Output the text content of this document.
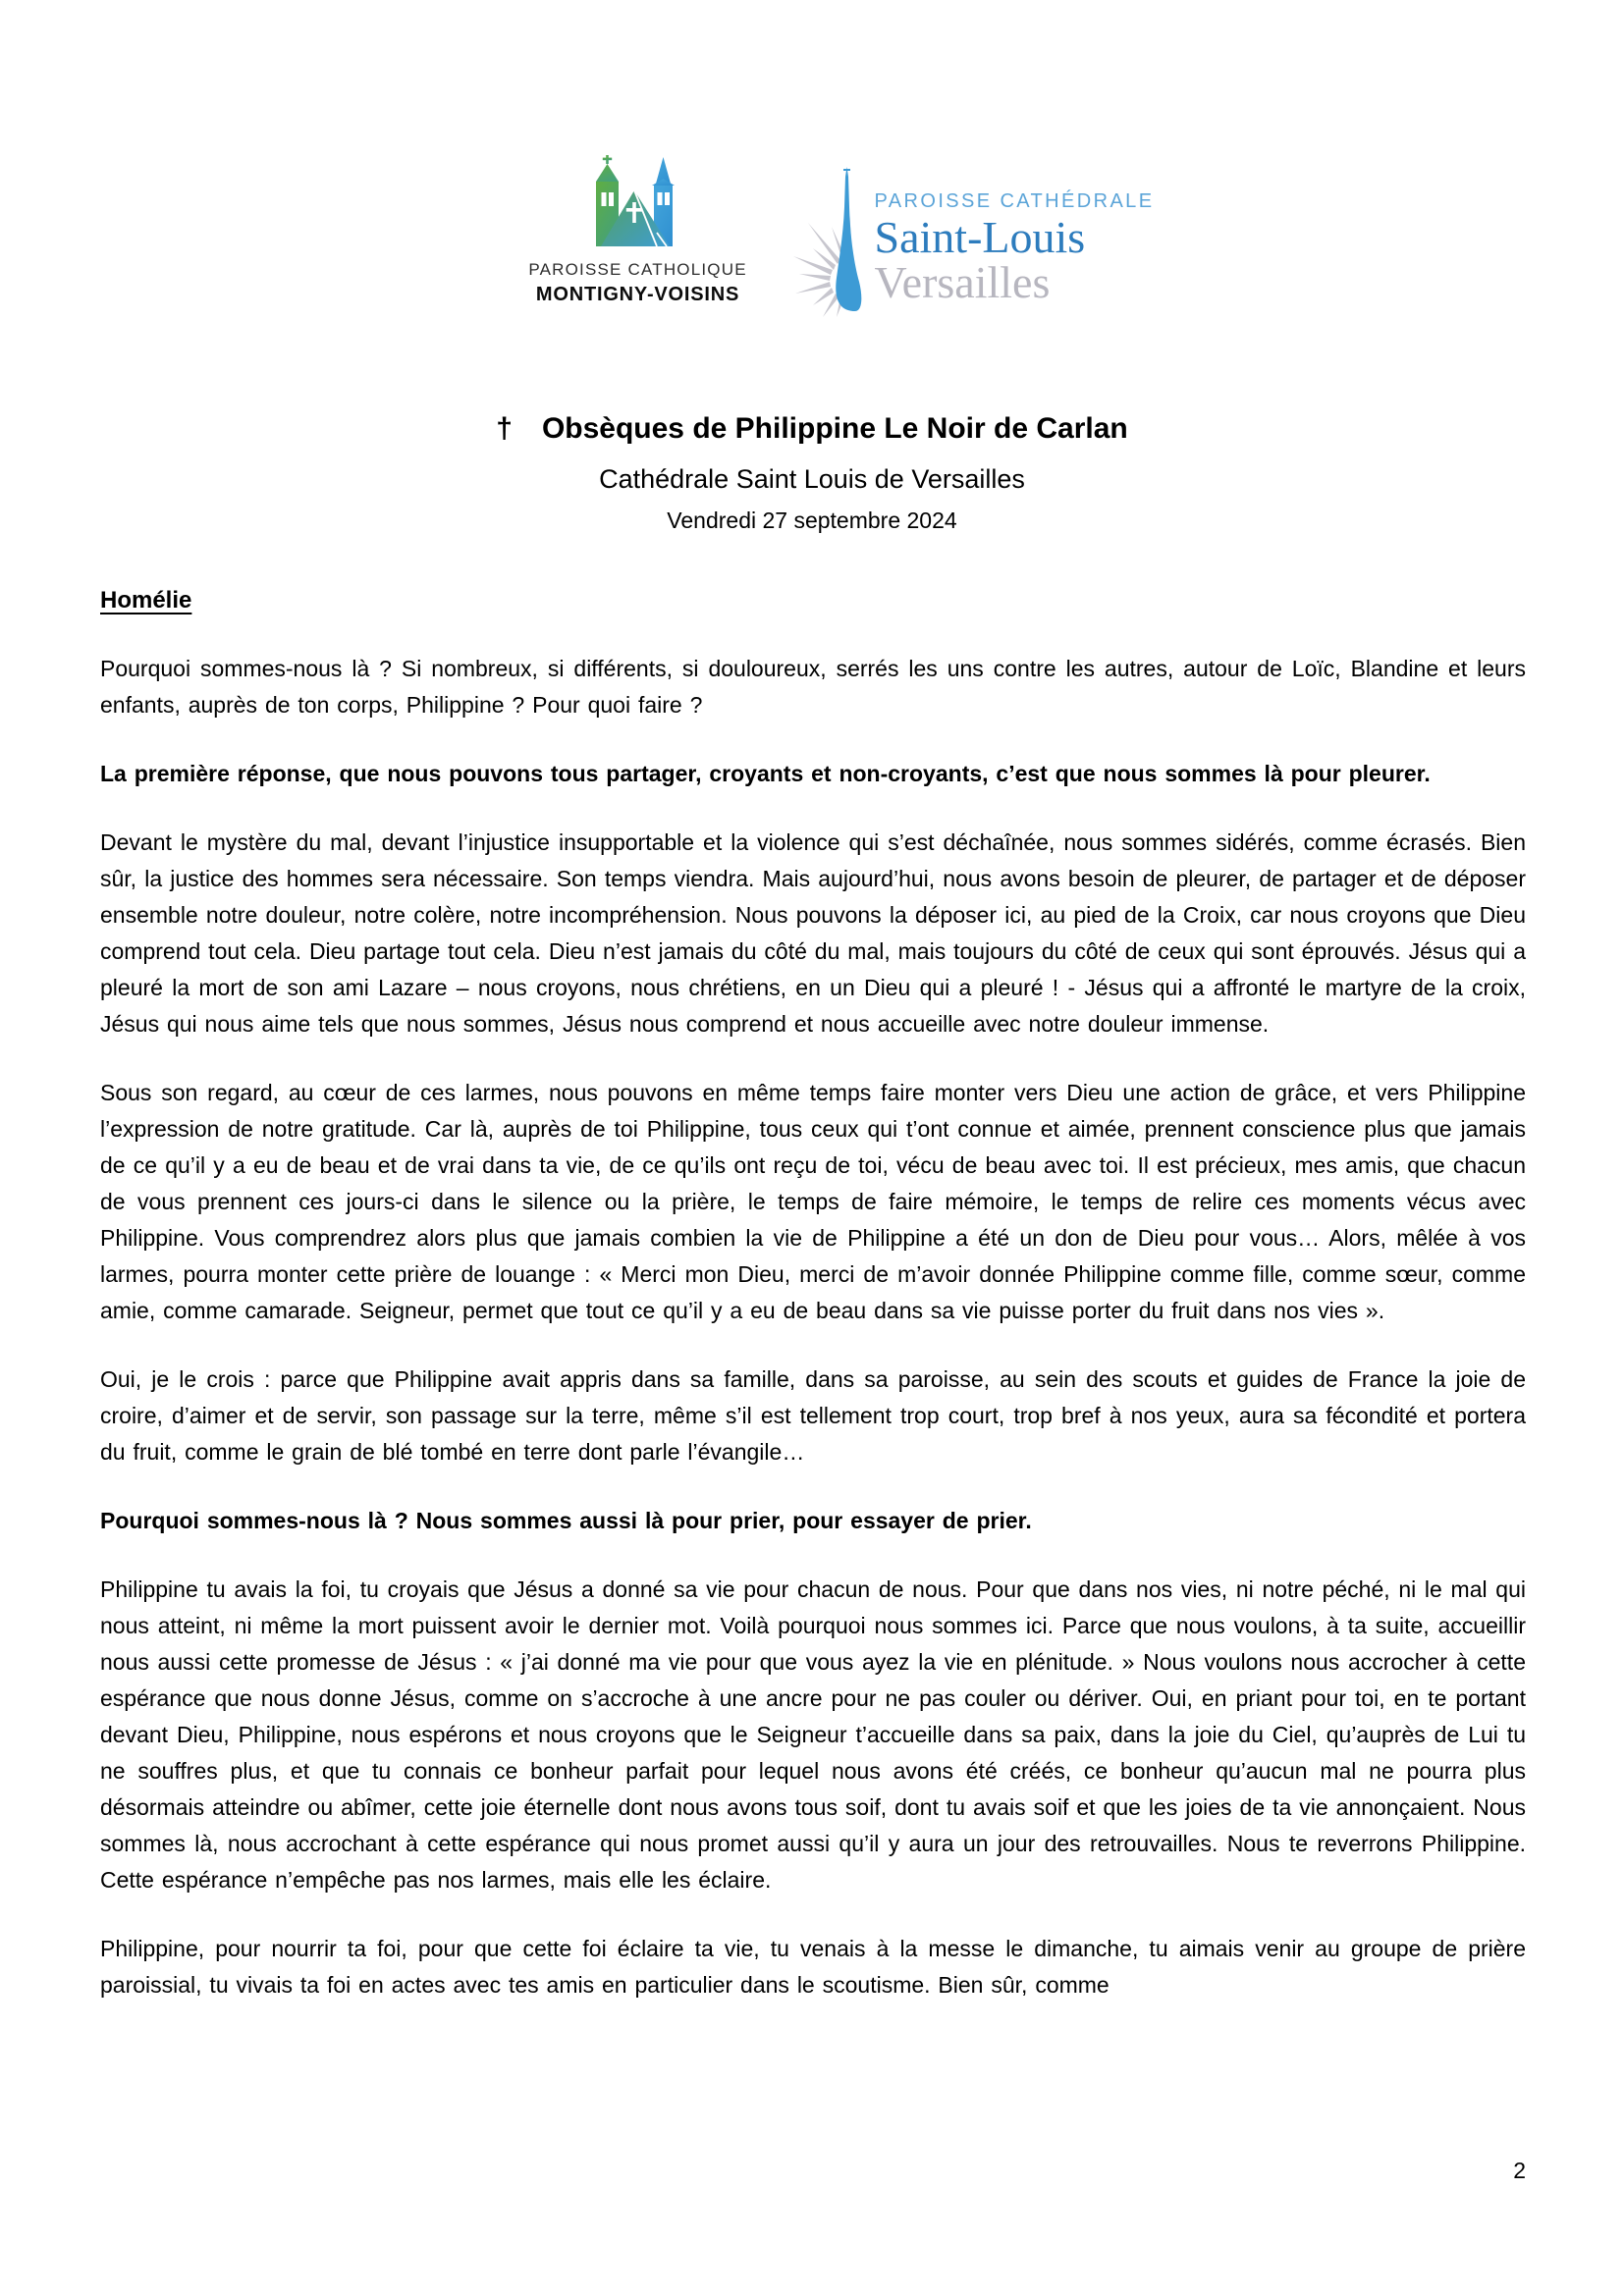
PAROISSE CATHOLIQUE
MONTIGNY-VOISINS
PAROISSE CATHÉDRALE
Saint-Louis
Versailles
† Obsèques de Philippine Le Noir de Carlan
Cathédrale Saint Louis de Versailles
Vendredi 27 septembre 2024
Homélie

Pourquoi sommes-nous là ? Si nombreux, si différents, si douloureux, serrés les uns contre les autres, autour de Loïc, Blandine et leurs enfants, auprès de ton corps, Philippine ? Pour quoi faire ?

La première réponse, que nous pouvons tous partager, croyants et non-croyants, c’est que nous sommes là pour pleurer.

Devant le mystère du mal, devant l’injustice insupportable et la violence qui s’est déchaînée, nous sommes sidérés, comme écrasés. Bien sûr, la justice des hommes sera nécessaire. Son temps viendra. Mais aujourd’hui, nous avons besoin de pleurer, de partager et de déposer ensemble notre douleur, notre colère, notre incompréhension. Nous pouvons la déposer ici, au pied de la Croix, car nous croyons que Dieu comprend tout cela. Dieu partage tout cela. Dieu n’est jamais du côté du mal, mais toujours du côté de ceux qui sont éprouvés. Jésus qui a pleuré la mort de son ami Lazare – nous croyons, nous chrétiens, en un Dieu qui a pleuré ! - Jésus qui a affronté le martyre de la croix, Jésus qui nous aime tels que nous sommes, Jésus nous comprend et nous accueille avec notre douleur immense.

Sous son regard, au cœur de ces larmes, nous pouvons en même temps faire monter vers Dieu une action de grâce, et vers Philippine l’expression de notre gratitude. Car là, auprès de toi Philippine, tous ceux qui t’ont connue et aimée, prennent conscience plus que jamais de ce qu’il y a eu de beau et de vrai dans ta vie, de ce qu’ils ont reçu de toi, vécu de beau avec toi. Il est précieux, mes amis, que chacun de vous prennent ces jours-ci dans le silence ou la prière, le temps de faire mémoire, le temps de relire ces moments vécus avec Philippine. Vous comprendrez alors plus que jamais combien la vie de Philippine a été un don de Dieu pour vous… Alors, mêlée à vos larmes, pourra monter cette prière de louange : « Merci mon Dieu, merci de m’avoir donnée Philippine comme fille, comme sœur, comme amie, comme camarade. Seigneur, permet que tout ce qu’il y a eu de beau dans sa vie puisse porter du fruit dans nos vies ».

Oui, je le crois : parce que Philippine avait appris dans sa famille, dans sa paroisse, au sein des scouts et guides de France la joie de croire, d’aimer et de servir, son passage sur la terre, même s’il est tellement trop court, trop bref à nos yeux, aura sa fécondité et portera du fruit, comme le grain de blé tombé en terre dont parle l’évangile…

Pourquoi sommes-nous là ? Nous sommes aussi là pour prier, pour essayer de prier.

Philippine tu avais la foi, tu croyais que Jésus a donné sa vie pour chacun de nous. Pour que dans nos vies, ni notre péché, ni le mal qui nous atteint, ni même la mort puissent avoir le dernier mot. Voilà pourquoi nous sommes ici. Parce que nous voulons, à ta suite, accueillir nous aussi cette promesse de Jésus : « j’ai donné ma vie pour que vous ayez la vie en plénitude. » Nous voulons nous accrocher à cette espérance que nous donne Jésus, comme on s’accroche à une ancre pour ne pas couler ou dériver. Oui, en priant pour toi, en te portant devant Dieu, Philippine, nous espérons et nous croyons que le Seigneur t’accueille dans sa paix, dans la joie du Ciel, qu’auprès de Lui tu ne souffres plus, et que tu connais ce bonheur parfait pour lequel nous avons été créés, ce bonheur qu’aucun mal ne pourra plus désormais atteindre ou abîmer, cette joie éternelle dont nous avons tous soif, dont tu avais soif et que les joies de ta vie annonçaient. Nous sommes là, nous accrochant à cette espérance qui nous promet aussi qu’il y aura un jour des retrouvailles. Nous te reverrons Philippine. Cette espérance n’empêche pas nos larmes, mais elle les éclaire.

Philippine, pour nourrir ta foi, pour que cette foi éclaire ta vie, tu venais à la messe le dimanche, tu aimais venir au groupe de prière paroissial, tu vivais ta foi en actes avec tes amis en particulier dans le scoutisme. Bien sûr, comme

2
